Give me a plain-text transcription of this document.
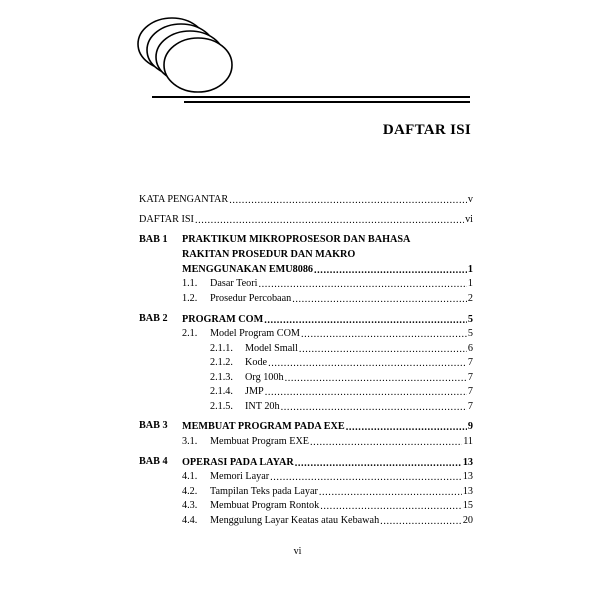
DAFTAR ISI
KATA PENGANTAR .....	v
DAFTAR ISI .....	vi
BAB 1 PRAKTIKUM MIKROPROSESOR DAN BAHASA
RAKITAN PROSEDUR DAN MAKRO
MENGGUNAKAN EMU8086 .....	1
1.1.	Dasar Teori .....	1
1.2.	Prosedur Percobaan .....	2
BAB 2 PROGRAM COM .....	5
2.1.	Model Program COM .....	5
2.1.1.	Model Small .....	6
2.1.2.	Kode .....	7
2.1.3.	Org 100h .....	7
2.1.4.	JMP .....	7
2.1.5.	INT 20h .....	7
BAB 3 MEMBUAT PROGRAM PADA EXE .....	9
3.1.	Membuat Program EXE .....	11
BAB 4 OPERASI PADA LAYAR .....	13
4.1.	Memori Layar .....	13
4.2.	Tampilan Teks pada Layar .....	13
4.3.	Membuat Program Rontok .....	15
4.4.	Menggulung Layar Keatas atau Kebawah .....	20
vi
